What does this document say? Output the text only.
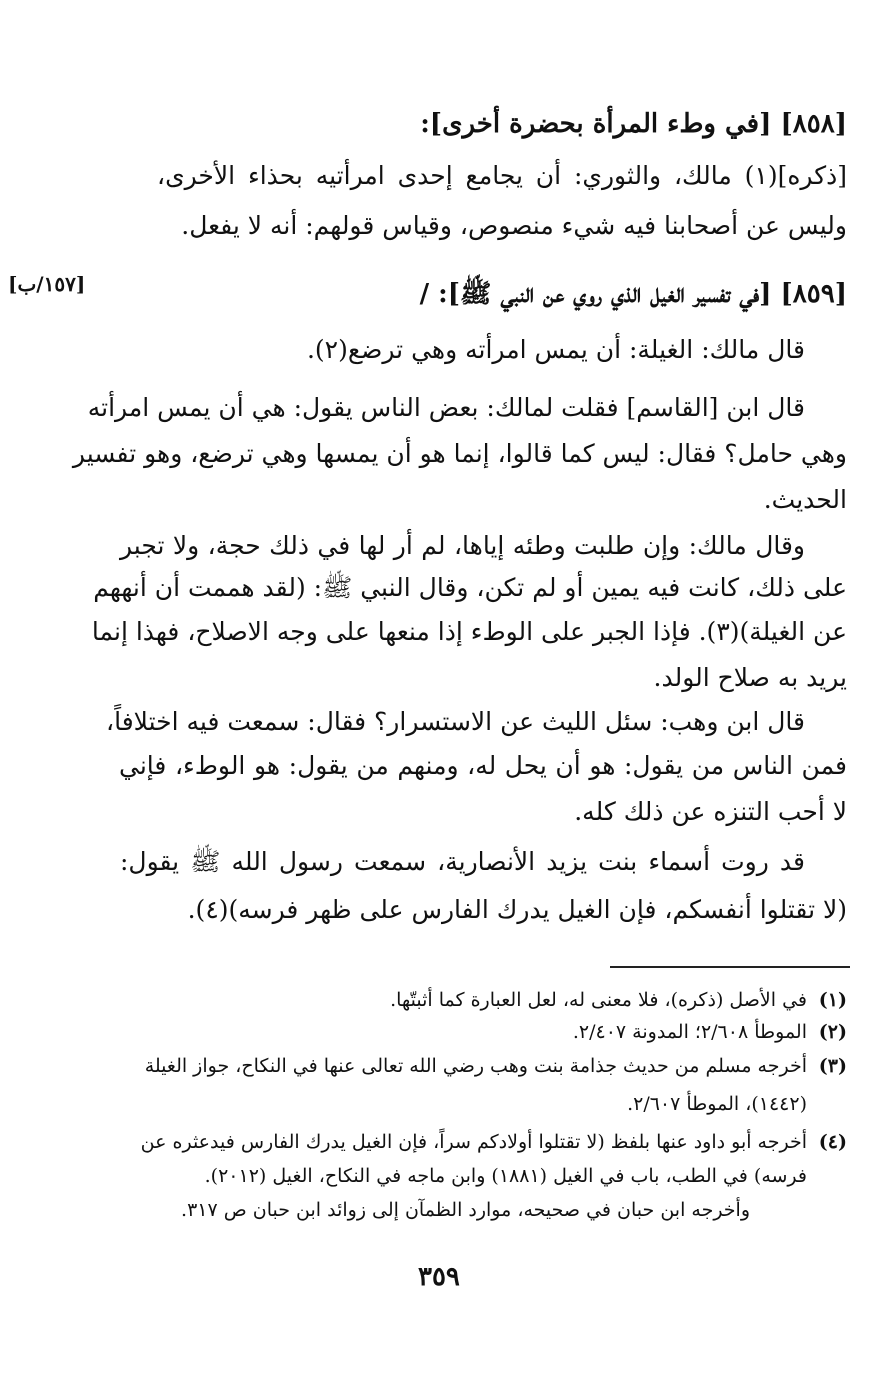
[٨٥٨] [في وطء المرأة بحضرة أخرى]:
[ذكره](١) مالك، والثوري: أن يجامع إحدى امرأتيه بحذاء الأخرى،
وليس عن أصحابنا فيه شيء منصوص، وقياس قولهم: أنه لا يفعل.
[١٥٧/ب]	[٨٥٩] [في تفسير الغيل الذي روي عن النبي ﷺ]: /
قال مالك: الغيلة: أن يمس امرأته وهي ترضع(٢).
قال ابن [القاسم] فقلت لمالك: بعض الناس يقول: هي أن يمس امرأته
وهي حامل؟ فقال: ليس كما قالوا، إنما هو أن يمسها وهي ترضع، وهو تفسير
الحديث.
وقال مالك: وإن طلبت وطئه إياها، لم أر لها في ذلك حجة، ولا تجبر
على ذلك، كانت فيه يمين أو لم تكن، وقال النبي ﷺ: (لقد هممت أن أنههم
عن الغيلة)(٣). فإذا الجبر على الوطء إذا منعها على وجه الاصلاح، فهذا إنما
يريد به صلاح الولد.
قال ابن وهب: سئل الليث عن الاستسرار؟ فقال: سمعت فيه اختلافاً،
فمن الناس من يقول: هو أن يحل له، ومنهم من يقول: هو الوطء، فإني
لا أحب التنزه عن ذلك كله.
قد روت أسماء بنت يزيد الأنصارية، سمعت رسول الله ﷺ يقول:
(لا تقتلوا أنفسكم، فإن الغيل يدرك الفارس على ظهر فرسه)(٤).
(١)
في الأصل (ذكره)، فلا معنى له، لعل العبارة كما أثبتّها.
(٢)
الموطأ ٢/٦٠٨؛ المدونة ٢/٤٠٧.
(٣)
أخرجه مسلم من حديث جذامة بنت وهب رضي الله تعالى عنها في النكاح، جواز الغيلة
(١٤٤٢)، الموطأ ٢/٦٠٧.
(٤)
أخرجه أبو داود عنها بلفظ (لا تقتلوا أولادكم سراً، فإن الغيل يدرك الفارس فيدعثره عن
فرسه) في الطب، باب في الغيل (١٨٨١) وابن ماجه في النكاح، الغيل (٢٠١٢).
وأخرجه ابن حبان في صحيحه، موارد الظمآن إلى زوائد ابن حبان ص ٣١٧.
٣٥٩
